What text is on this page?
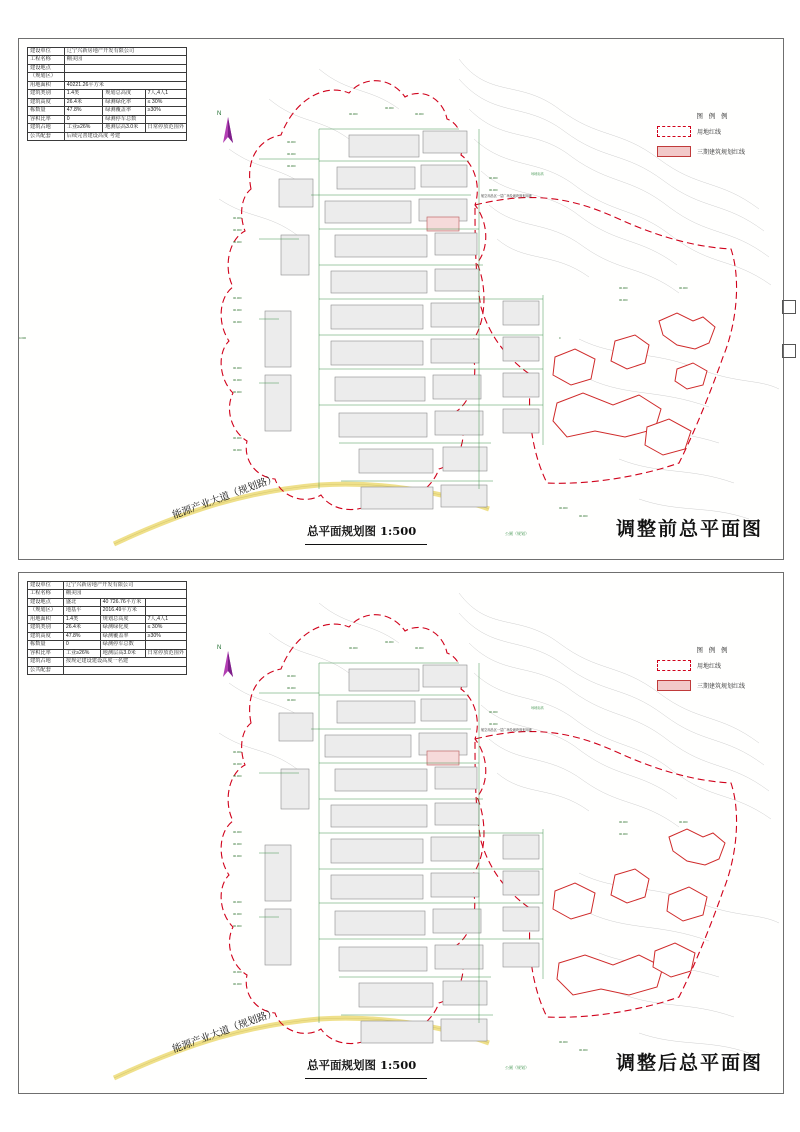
建设单位	辽宁兴新房地产开发有限公司		
工程名称	棚美园		
建设地点			
（规划区）			
用地面积	40221.26平方米		
建筑类别	1.4类	规划总高度	7人,4人1
建筑高度	26.4米	绿测绿化率	≤ 30%
栋数量	47.8%	绿测覆盖率	≥30%
容积比率	0	绿测停车总数	
建筑占地	工业≥26%	地测层高3.0米	日常停放范围外
公共配套	后续完善建设高度 考建		
图 例 例
用地红线
三期建筑规划红线
N	00.000
00.000
00.000
00.000
00.000
00.000
00.000
00.000
00.000
00.000
00.000
00.000
00.000
00.000
00.000
00.000
00.000
00.000
00.000
00.000
00.000
00.000
00.000
00.000
00.000
航空用品区一层广场及地块规划用地
场地标高
公厕（规划）
能源产业大道（规划路）
总平面规划图 1:500	调整前总平面图
建设单位	辽宁兴新房地产开发有限公司		
工程名称	棚美园		
建设地点	盛北	40 726.76平方米	
（规划区）	地基平	2016.49平方米	
用地面积	1.4类	规划总高度	7人,4人1
建筑类别	26.4米	绿测绿化度	≤ 30%
建筑高度	47.8%	绿测覆盖率	≥30%
栋数量	0	绿测停车总数	
容积比率	工业≥26%	地测层高3.0米	日常停放范围外
建筑占地	按规定建设建设高度一名建		
公共配套			
图 例 例
用地红线
三期建筑规划红线
N	00.000
00.000
00.000
00.000
00.000
00.000
00.000
00.000
00.000
00.000
00.000
00.000
00.000
00.000
00.000
00.000
00.000
00.000
00.000
00.000
00.000
00.000
00.000
00.000
航空用品区一层广场及地块规划用地
场地标高
公厕（规划）
能源产业大道（规划路）
总平面规划图 1:500	调整后总平面图
